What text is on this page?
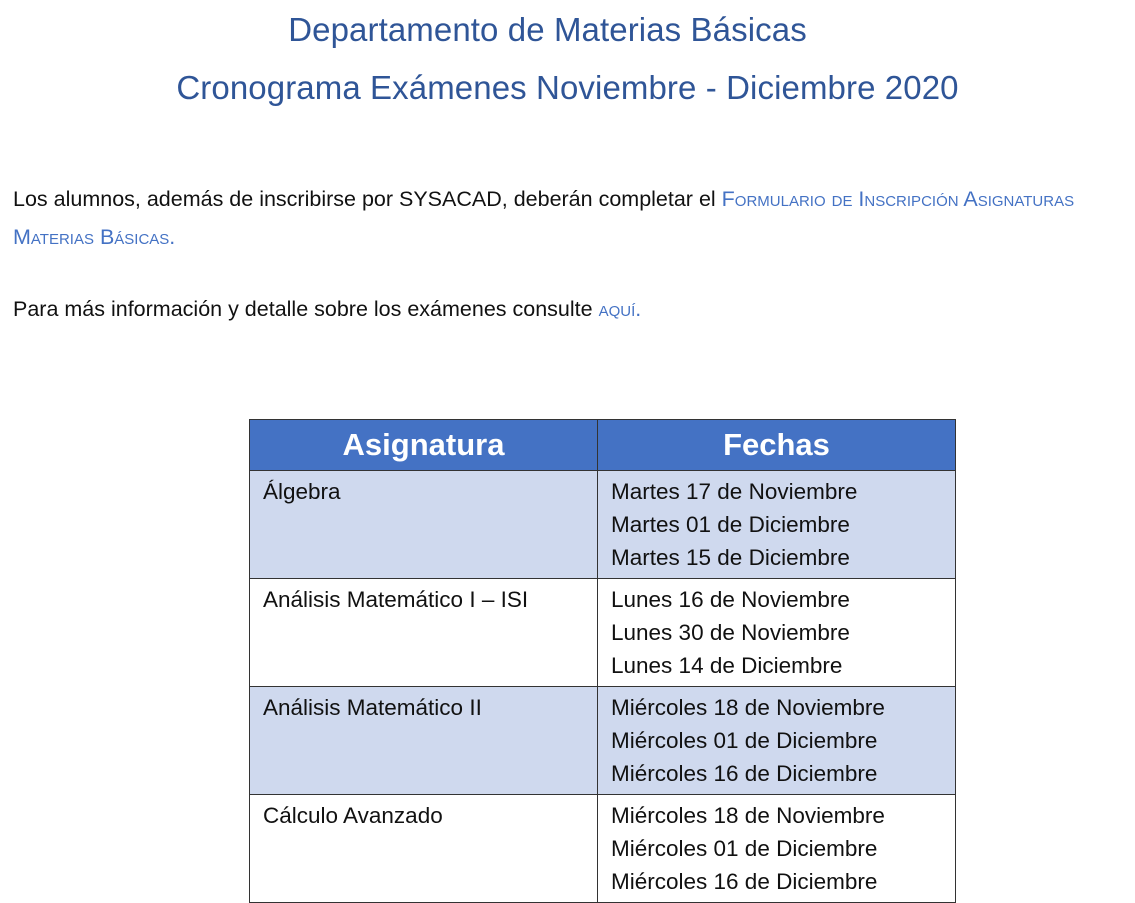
Departamento de Materias Básicas
Cronograma Exámenes Noviembre - Diciembre 2020
Los alumnos, además de inscribirse por SYSACAD, deberán completar el Formulario de Inscripción Asignaturas Materias Básicas.
Para más información y detalle sobre los exámenes consulte aquí.
Asignatura	Fechas
Álgebra	Martes 17 de Noviembre
Martes 01 de Diciembre
Martes 15 de Diciembre

Análisis Matemático I – ISI	Lunes 16 de Noviembre
Lunes 30 de Noviembre
Lunes 14 de Diciembre

Análisis Matemático II	Miércoles 18 de Noviembre
Miércoles 01 de Diciembre
Miércoles 16 de Diciembre

Cálculo Avanzado	Miércoles 18 de Noviembre
Miércoles 01 de Diciembre
Miércoles 16 de Diciembre
